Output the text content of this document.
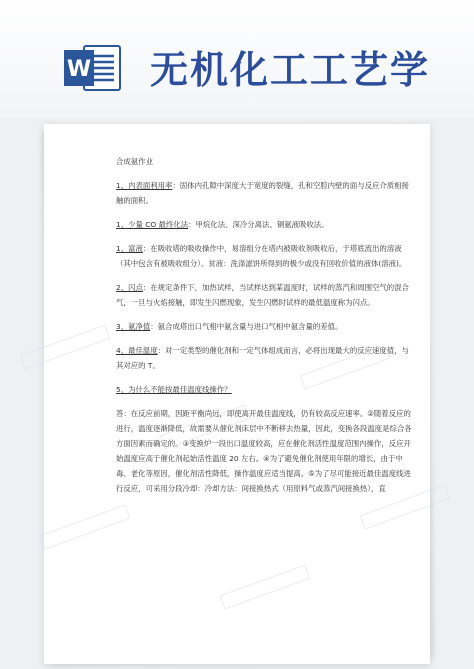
W 无机化工工艺学

合成氨作业

1、内表面利用率：固体内孔隙中深度大于宽度的裂缝，孔和空腔内壁的面与反应介质相接触的面积。

1、少量 CO 最终化法：甲烷化法、深冷分离法、铜氨液吸收法。

1、富液：在吸收塔的吸收操作中，易溶组分在塔内被吸收剂吸收后，于塔底流出的溶液（其中包含有被吸收组分）。贫液：洗涤滤饼所得到的极少或没有回收价值的液体(溶液)。

2、闪点：在规定条件下，加热试样，当试样达到某温度时，试样的蒸汽和周围空气的混合气，一旦与火焰接触，即发生闪燃现象，发生闪燃时试样的最低温度称为闪点。

3、氨净值：氨合成塔出口气相中氨含量与进口气相中氨含量的差值。

4、最佳温度：对一定类型的催化剂和一定气体组成而言，必将出现最大的反应速度值，与其对应的 T。

5、为什么不能按最佳温度线操作？

答：在反应前期，因距平衡尚远，即使离开最佳温度线，仍有较高反应速率。②随着反应的进行，温度逐渐降低，故需要从催化剂床层中不断移去热量，因此，变换各段温度是综合各方面因素而确定的。③变换炉一段出口温度较高，应在催化剂活性温度范围内操作，反应开始温度应高于催化剂起始活性温度 20 左右。④为了避免催化剂使用年限的增长，由于中毒、老化等原因，催化剂活性降低，操作温度应适当提高。⑤为了尽可能接近最佳温度线进行反应，可采用分段冷却：冷却方法：间接换热式（用原料气或蒸汽间接换热），直
